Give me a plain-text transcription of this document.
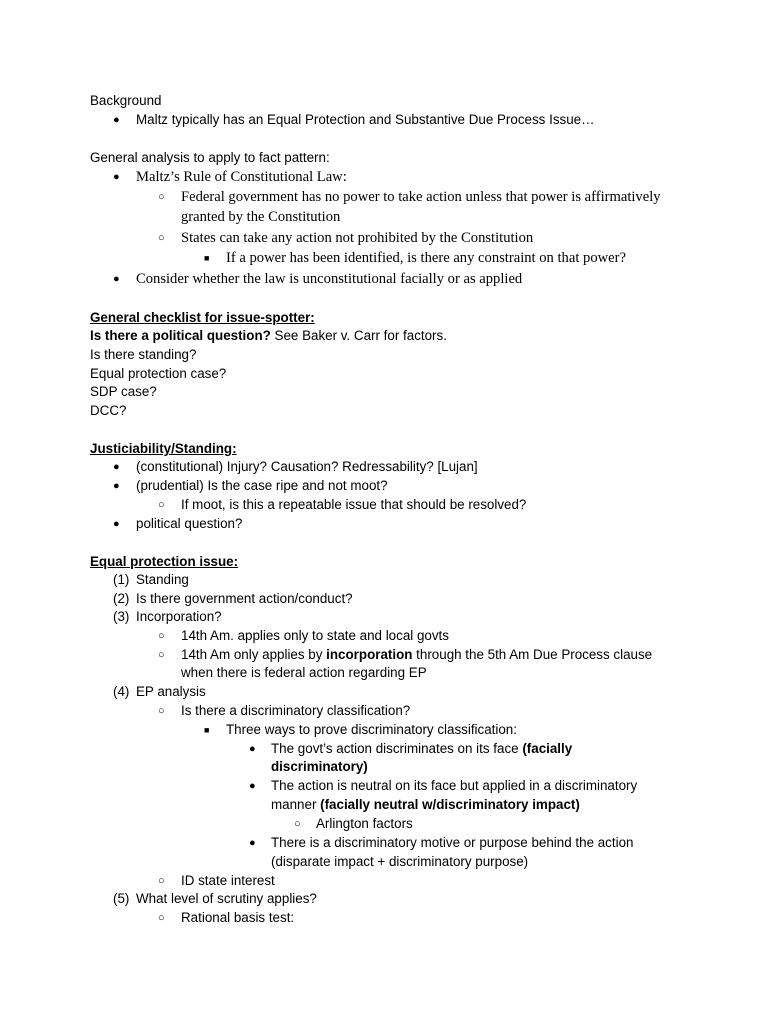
Background
● Maltz typically has an Equal Protection and Substantive Due Process Issue…
General analysis to apply to fact pattern:
● Maltz’s Rule of Constitutional Law:
○ Federal government has no power to take action unless that power is affirmatively
granted by the Constitution
○ States can take any action not prohibited by the Constitution
■ If a power has been identified, is there any constraint on that power?
● Consider whether the law is unconstitutional facially or as applied
General checklist for issue-spotter:
Is there a political question? See Baker v. Carr for factors.
Is there standing?
Equal protection case?
SDP case?
DCC?
Justiciability/Standing:
● (constitutional) Injury? Causation? Redressability? [Lujan]
● (prudential) Is the case ripe and not moot?
○ If moot, is this a repeatable issue that should be resolved?
● political question?
Equal protection issue:
(1) Standing
(2) Is there government action/conduct?
(3) Incorporation?
○ 14th Am. applies only to state and local govts
○ 14th Am only applies by incorporation through the 5th Am Due Process clause
when there is federal action regarding EP
(4) EP analysis
○ Is there a discriminatory classification?
■ Three ways to prove discriminatory classification:
● The govt’s action discriminates on its face (facially
discriminatory)
● The action is neutral on its face but applied in a discriminatory
manner (facially neutral w/discriminatory impact)
○ Arlington factors
● There is a discriminatory motive or purpose behind the action
(disparate impact + discriminatory purpose)
○ ID state interest
(5) What level of scrutiny applies?
○ Rational basis test:
